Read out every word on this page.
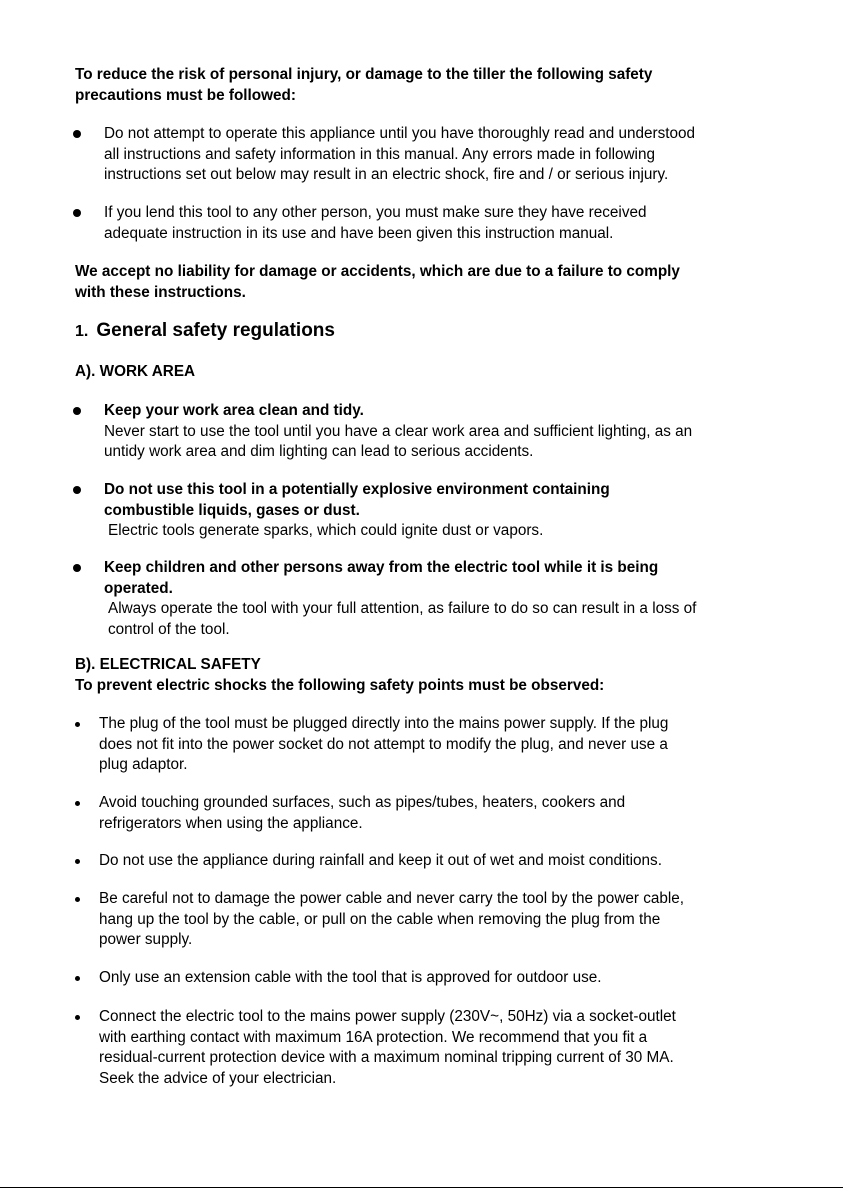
To reduce the risk of personal injury, or damage to the tiller the following safety
precautions must be followed:
Do not attempt to operate this appliance until you have thoroughly read and understood
all instructions and safety information in this manual. Any errors made in following
instructions set out below may result in an electric shock, fire and / or serious injury.
If you lend this tool to any other person, you must make sure they have received
adequate instruction in its use and have been given this instruction manual.
We accept no liability for damage or accidents, which are due to a failure to comply
with these instructions.
1. General safety regulations
A). WORK AREA
Keep your work area clean and tidy.
Never start to use the tool until you have a clear work area and sufficient lighting, as an
untidy work area and dim lighting can lead to serious accidents.
Do not use this tool in a potentially explosive environment containing
combustible liquids, gases or dust.
Electric tools generate sparks, which could ignite dust or vapors.
Keep children and other persons away from the electric tool while it is being
operated.
Always operate the tool with your full attention, as failure to do so can result in a loss of
control of the tool.
B). ELECTRICAL SAFETY
To prevent electric shocks the following safety points must be observed:
The plug of the tool must be plugged directly into the mains power supply. If the plug
does not fit into the power socket do not attempt to modify the plug, and never use a
plug adaptor.
Avoid touching grounded surfaces, such as pipes/tubes, heaters, cookers and
refrigerators when using the appliance.
Do not use the appliance during rainfall and keep it out of wet and moist conditions.
Be careful not to damage the power cable and never carry the tool by the power cable,
hang up the tool by the cable, or pull on the cable when removing the plug from the
power supply.
Only use an extension cable with the tool that is approved for outdoor use.
Connect the electric tool to the mains power supply (230V~, 50Hz) via a socket-outlet
with earthing contact with maximum 16A protection. We recommend that you fit a
residual-current protection device with a maximum nominal tripping current of 30 MA.
Seek the advice of your electrician.
